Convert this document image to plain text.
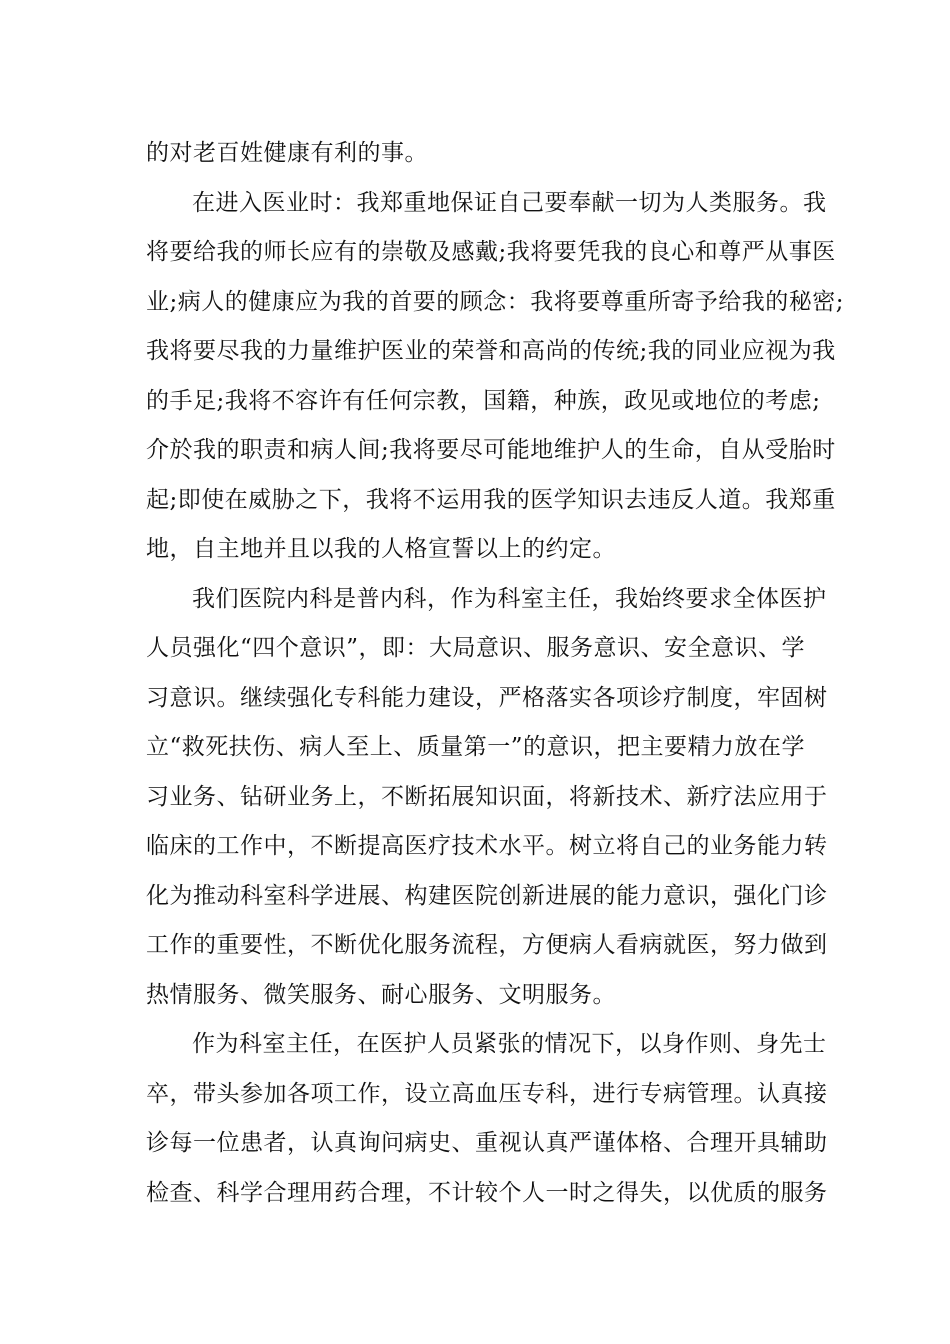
的对老百姓健康有利的事。
在进入医业时：我郑重地保证自己要奉献一切为人类服务。我
将要给我的师长应有的崇敬及感戴;我将要凭我的良心和尊严从事医
业;病人的健康应为我的首要的顾念：我将要尊重所寄予给我的秘密;
我将要尽我的力量维护医业的荣誉和高尚的传统;我的同业应视为我
的手足;我将不容许有任何宗教，国籍，种族，政见或地位的考虑;
介於我的职责和病人间;我将要尽可能地维护人的生命，自从受胎时
起;即使在威胁之下，我将不运用我的医学知识去违反人道。我郑重
地，自主地并且以我的人格宣誓以上的约定。
我们医院内科是普内科，作为科室主任，我始终要求全体医护
人员强化“四个意识”，即：大局意识、服务意识、安全意识、学
习意识。继续强化专科能力建设，严格落实各项诊疗制度，牢固树
立“救死扶伤、病人至上、质量第一”的意识，把主要精力放在学
习业务、钻研业务上，不断拓展知识面，将新技术、新疗法应用于
临床的工作中，不断提高医疗技术水平。树立将自己的业务能力转
化为推动科室科学进展、构建医院创新进展的能力意识，强化门诊
工作的重要性，不断优化服务流程，方便病人看病就医，努力做到
热情服务、微笑服务、耐心服务、文明服务。
作为科室主任，在医护人员紧张的情况下，以身作则、身先士
卒，带头参加各项工作，设立高血压专科，进行专病管理。认真接
诊每一位患者，认真询问病史、重视认真严谨体格、合理开具辅助
检查、科学合理用药合理，不计较个人一时之得失，以优质的服务
